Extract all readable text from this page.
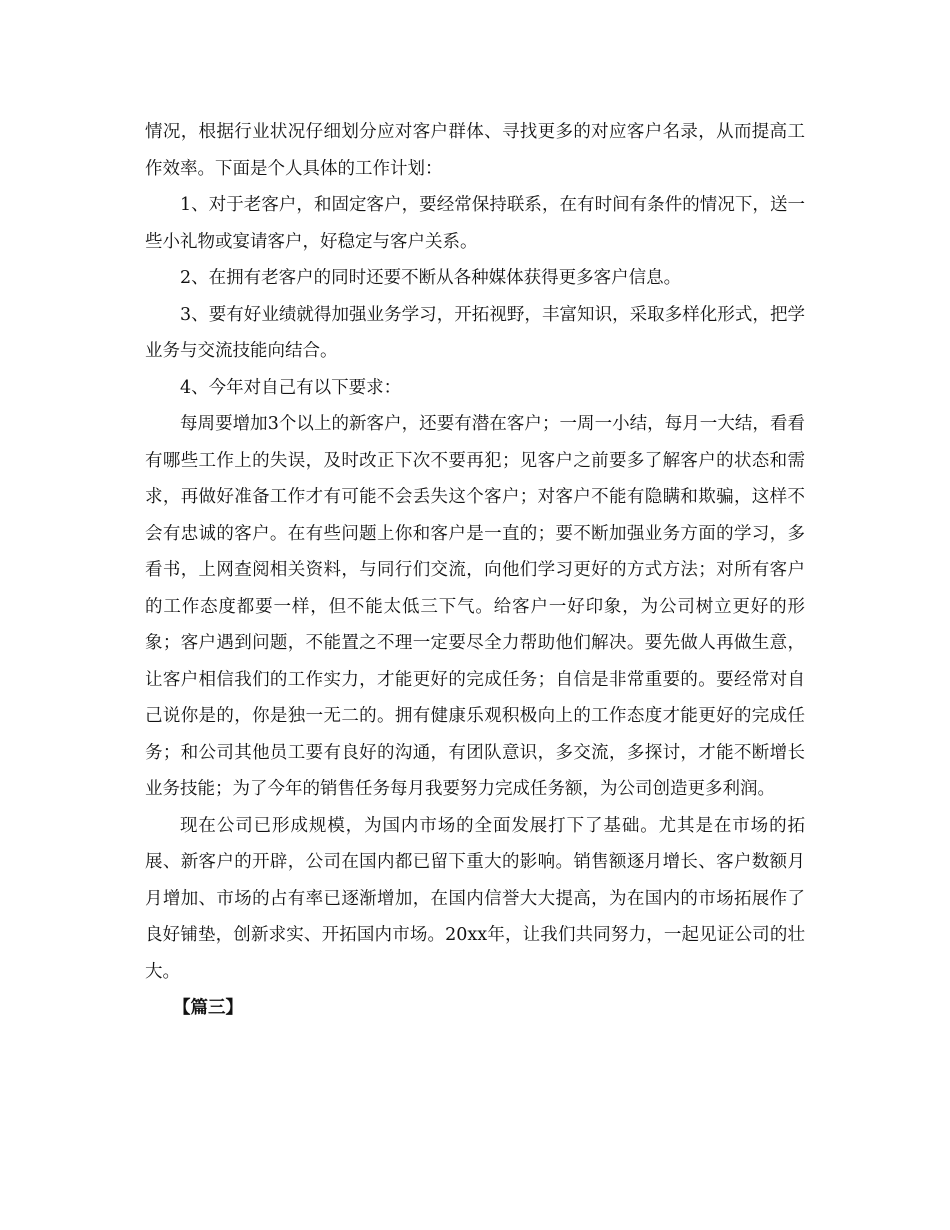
情况，根据行业状况仔细划分应对客户群体、寻找更多的对应客户名录，从而提高工作效率。下面是个人具体的工作计划：

1、对于老客户，和固定客户，要经常保持联系，在有时间有条件的情况下，送一些小礼物或宴请客户，好稳定与客户关系。

2、在拥有老客户的同时还要不断从各种媒体获得更多客户信息。

3、要有好业绩就得加强业务学习，开拓视野，丰富知识，采取多样化形式，把学业务与交流技能向结合。

4、今年对自己有以下要求：

每周要增加3个以上的新客户，还要有潜在客户；一周一小结，每月一大结，看看有哪些工作上的失误，及时改正下次不要再犯；见客户之前要多了解客户的状态和需求，再做好准备工作才有可能不会丢失这个客户；对客户不能有隐瞒和欺骗，这样不会有忠诚的客户。在有些问题上你和客户是一直的；要不断加强业务方面的学习，多看书，上网查阅相关资料，与同行们交流，向他们学习更好的方式方法；对所有客户的工作态度都要一样，但不能太低三下气。给客户一好印象，为公司树立更好的形象；客户遇到问题，不能置之不理一定要尽全力帮助他们解决。要先做人再做生意，让客户相信我们的工作实力，才能更好的完成任务；自信是非常重要的。要经常对自己说你是的，你是独一无二的。拥有健康乐观积极向上的工作态度才能更好的完成任务；和公司其他员工要有良好的沟通，有团队意识，多交流，多探讨，才能不断增长业务技能；为了今年的销售任务每月我要努力完成任务额，为公司创造更多利润。

现在公司已形成规模，为国内市场的全面发展打下了基础。尤其是在市场的拓展、新客户的开辟，公司在国内都已留下重大的影响。销售额逐月增长、客户数额月月增加、市场的占有率已逐渐增加，在国内信誉大大提高，为在国内的市场拓展作了良好铺垫，创新求实、开拓国内市场。20xx年，让我们共同努力，一起见证公司的壮大。

【篇三】
